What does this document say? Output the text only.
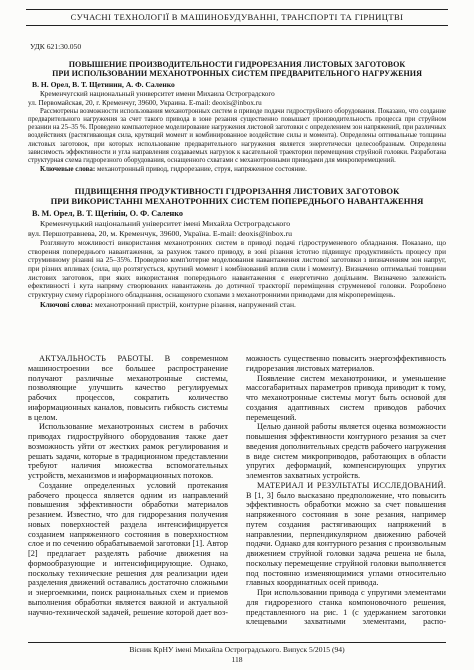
СУЧАСНІ ТЕХНОЛОГІЇ В МАШИНОБУДУВАННІ, ТРАНСПОРТІ ТА ГІРНИЦТВІ

УДК 621:30.050

ПОВЫШЕНИЕ ПРОИЗВОДИТЕЛЬНОСТИ ГИДРОРЕЗАНИЯ ЛИСТОВЫХ ЗАГОТОВОК
ПРИ ИСПОЛЬЗОВАНИИ МЕХАНОТРОННЫХ СИСТЕМ ПРЕДВАРИТЕЛЬНОГО НАГРУЖЕНИЯ

В. Н. Орел, В. Т. Щетинин, А. Ф. Саленко

Кременчугский национальный университет имени Михаила Остроградского

ул. Первомайская, 20, г. Кременчуг, 39600, Украина. E-mail: deoxis@inbox.ru

Рассмотрены возможности использования механотронных систем в приводе подачи гидроструйного оборудования. Показано, что создание предварительного нагружения за счет такого привода в зоне резания существенно повышает производительность процесса при струйном резании на 25–35 %. Проведено компьютерное моделирование нагружения листовой заготовки с определением зон напряжений, при различных воздействиях (растягивающая сила, крутящий момент и комбинированное воздействие силы и момента). Определены оптимальные толщины листовых заготовок, при которых использование предварительного нагружения является энергетически целесообразным. Определены зависимость эффективности и угла направления создаваемых нагрузок к касательной траектории перемещения струйной головки. Разработана структурная схема гидрорезного оборудования, оснащенного схватами с механотронными приводами для микроперемещений.

Ключевые слова: механотронный привод, гидрорезание, струя, напряженное состояние.

ПІДВИЩЕННЯ ПРОДУКТИВНОСТІ ГІДРОРІЗАННЯ ЛИСТОВИХ ЗАГОТОВОК
ПРИ ВИКОРИСТАННІ МЕХАНОТРОННИХ СИСТЕМ ПОПЕРЕДНЬОГО НАВАНТАЖЕННЯ

В. М. Орел, В. Т. Щетінін, О. Ф. Саленко

Кременчуцький національний університет імені Михайла Остроградського

вул. Першотравнева, 20, м. Кременчук, 39600, Україна. E-mail: deoxis@inbox.ru

Розглянуто можливості використання механотронних систем в приводі подачі гідроструменевого обладнання. Показано, що створення попереднього навантаження, за рахунок такого приводу, в зоні різання істотно підвищує продуктивність процесу при струминному різанні на 25–35%. Проведено комп'ютерне моделювання навантаження листової заготовки з визначенням зон напруг, при різних впливах (сила, що розтягується, крутний момент і комбінований вплив сили і моменту). Визначено оптимальні товщини листових заготовок, при яких використання попереднього навантаження є енергетично доцільним. Визначено залежність ефективності і кута напряму створюваних навантажень до дотичної траєкторії переміщення струменевої головки. Розроблено структурну схему гідрорізного обладнання, оснащеного схопами з механотронними приводами для мікропереміщень.

Ключові слова: механотронний пристрій, контурне різання, напружений стан.

АКТУАЛЬНОСТЬ РАБОТЫ. В современном машиностроении все большее распространение получают различные механотронные системы, позволяющие улучшить качество регулируемых рабочих процессов, сократить количество информационных каналов, повысить гибкость системы в целом.

Использование механотронных систем в рабочих приводах гидроструйного оборудования также дает возможность уйти от жестких рамок регулирования и решать задачи, которые в традиционном представлении требуют наличия множества вспомогательных устройств, механизмов и информационных потоков.

Создание определенных условий протекания рабочего процесса является одним из направлений повышения эффективности обработки материалов резанием. Известно, что для гидрорезания получения новых поверхностей раздела интенсифицируется созданием напряженного состояния в поверхностном слое и по сечению обрабатываемой заготовки [1]. Автор [2] предлагает разделять рабочие движения на формообразующие и интенсифицирующие. Однако, поскольку технические решения для реализации идеи разделения движений оставались достаточно сложными и энергоемкими, поиск рациональных схем и приемов выполнения обработки является важной и актуальной научно-технической задачей, решение которой дает воз-

можность существенно повысить энергоэффективность гидрорезания листовых материалов.

Появление систем механотроники, и уменьшение массогабаритных параметров привода приводит к тому, что механотронные системы могут быть основой для создания адаптивных систем приводов рабочих перемещений.

Целью данной работы является оценка возможности повышения эффективности контурного резания за счет введения дополнительных средств рабочего нагружения в виде систем микроприводов, работающих в области упругих деформаций, компенсирующих упругих элементов захватных устройств.

МАТЕРИАЛ И РЕЗУЛЬТАТЫ ИССЛЕДОВАНИЙ. В [1, 3] было высказано предположение, что повысить эффективность обработки можно за счет повышения напряженного состояния в зоне резания, например путем создания растягивающих напряжений в направлении, перпендикулярном движению рабочей подачи. Однако для контурного резания с произвольным движением струйной головки задача решена не была, поскольку перемещение струйной головки выполняется под постоянно изменяющимися углами относительно главных координатных осей привода.

При использовании привода с упругими элементами для гидрорезного станка компоновочного решения, представленного на рис. 1 (с удержанием заготовки клещевыми захватными элементами, распо-

Вісник КрНУ імені Михайла Остроградського. Випуск 5/2015 (94)
118
